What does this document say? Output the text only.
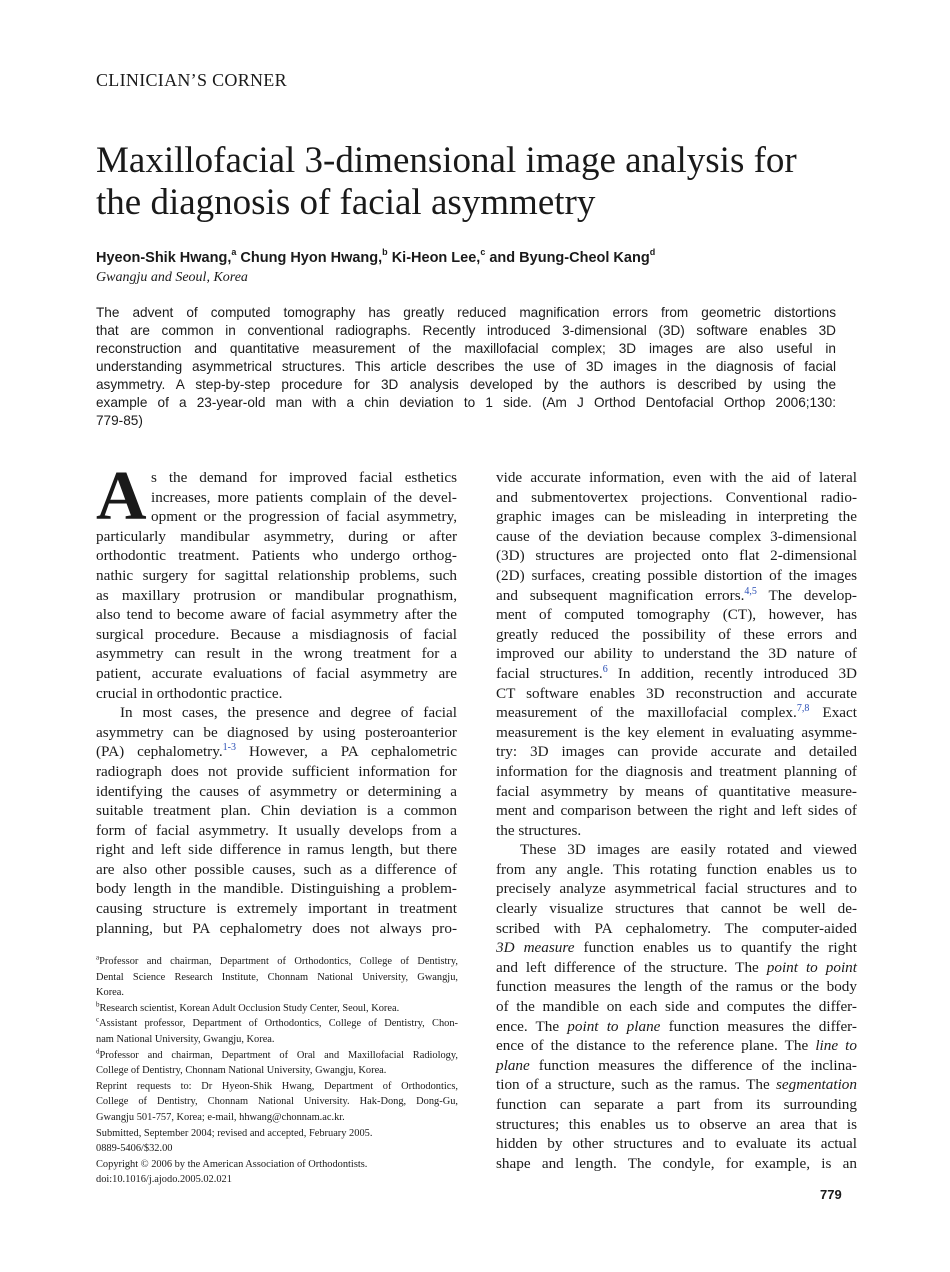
CLINICIAN’S CORNER
Maxillofacial 3-dimensional image analysis for
the diagnosis of facial asymmetry
Hyeon-Shik Hwang,$^a$ Chung Hyon Hwang,$^b$ Ki-Heon Lee,$^c$ and Byung-Cheol Kang$^d$
Gwangju and Seoul, Korea
The advent of computed tomography has greatly reduced magnification errors from geometric distortions
that are common in conventional radiographs. Recently introduced 3-dimensional (3D) software enables 3D
reconstruction and quantitative measurement of the maxillofacial complex; 3D images are also useful in
understanding asymmetrical structures. This article describes the use of 3D images in the diagnosis of facial
asymmetry. A step-by-step procedure for 3D analysis developed by the authors is described by using the
example of a 23-year-old man with a chin deviation to 1 side. (Am J Orthod Dentofacial Orthop 2006;130:
779-85)
A s the demand for improved facial esthetics
increases, more patients complain of the devel-
opment or the progression of facial asymmetry,
particularly mandibular asymmetry, during or after
orthodontic treatment. Patients who undergo orthog-
nathic surgery for sagittal relationship problems, such
as maxillary protrusion or mandibular prognathism,
also tend to become aware of facial asymmetry after the
surgical procedure. Because a misdiagnosis of facial
asymmetry can result in the wrong treatment for a
patient, accurate evaluations of facial asymmetry are
crucial in orthodontic practice.
In most cases, the presence and degree of facial
asymmetry can be diagnosed by using posteroanterior
(PA) cephalometry.$^{1-3}$ However, a PA cephalometric
radiograph does not provide sufficient information for
identifying the causes of asymmetry or determining a
suitable treatment plan. Chin deviation is a common
form of facial asymmetry. It usually develops from a
right and left side difference in ramus length, but there
are also other possible causes, such as a difference of
body length in the mandible. Distinguishing a problem-
causing structure is extremely important in treatment
planning, but PA cephalometry does not always pro-
$^a$Professor and chairman, Department of Orthodontics, College of Dentistry,
Dental Science Research Institute, Chonnam National University, Gwangju,
Korea.
$^b$Research scientist, Korean Adult Occlusion Study Center, Seoul, Korea.
$^c$Assistant professor, Department of Orthodontics, College of Dentistry, Chon-
nam National University, Gwangju, Korea.
$^d$Professor and chairman, Department of Oral and Maxillofacial Radiology,
College of Dentistry, Chonnam National University, Gwangju, Korea.
Reprint requests to: Dr Hyeon-Shik Hwang, Department of Orthodontics,
College of Dentistry, Chonnam National University. Hak-Dong, Dong-Gu,
Gwangju 501-757, Korea; e-mail, hhwang@chonnam.ac.kr.
Submitted, September 2004; revised and accepted, February 2005.
0889-5406/$32.00
Copyright © 2006 by the American Association of Orthodontists.
doi:10.1016/j.ajodo.2005.02.021
vide accurate information, even with the aid of lateral
and submentovertex projections. Conventional radio-
graphic images can be misleading in interpreting the
cause of the deviation because complex 3-dimensional
(3D) structures are projected onto flat 2-dimensional
(2D) surfaces, creating possible distortion of the images
and subsequent magnification errors.$^{4,5}$ The develop-
ment of computed tomography (CT), however, has
greatly reduced the possibility of these errors and
improved our ability to understand the 3D nature of
facial structures.$^6$ In addition, recently introduced 3D
CT software enables 3D reconstruction and accurate
measurement of the maxillofacial complex.$^{7,8}$ Exact
measurement is the key element in evaluating asymme-
try: 3D images can provide accurate and detailed
information for the diagnosis and treatment planning of
facial asymmetry by means of quantitative measure-
ment and comparison between the right and left sides of
the structures.
These 3D images are easily rotated and viewed
from any angle. This rotating function enables us to
precisely analyze asymmetrical facial structures and to
clearly visualize structures that cannot be well de-
scribed with PA cephalometry. The computer-aided
3D measure function enables us to quantify the right
and left difference of the structure. The point to point
function measures the length of the ramus or the body
of the mandible on each side and computes the differ-
ence. The point to plane function measures the differ-
ence of the distance to the reference plane. The line to
plane function measures the difference of the inclina-
tion of a structure, such as the ramus. The segmentation
function can separate a part from its surrounding
structures; this enables us to observe an area that is
hidden by other structures and to evaluate its actual
shape and length. The condyle, for example, is an
779
